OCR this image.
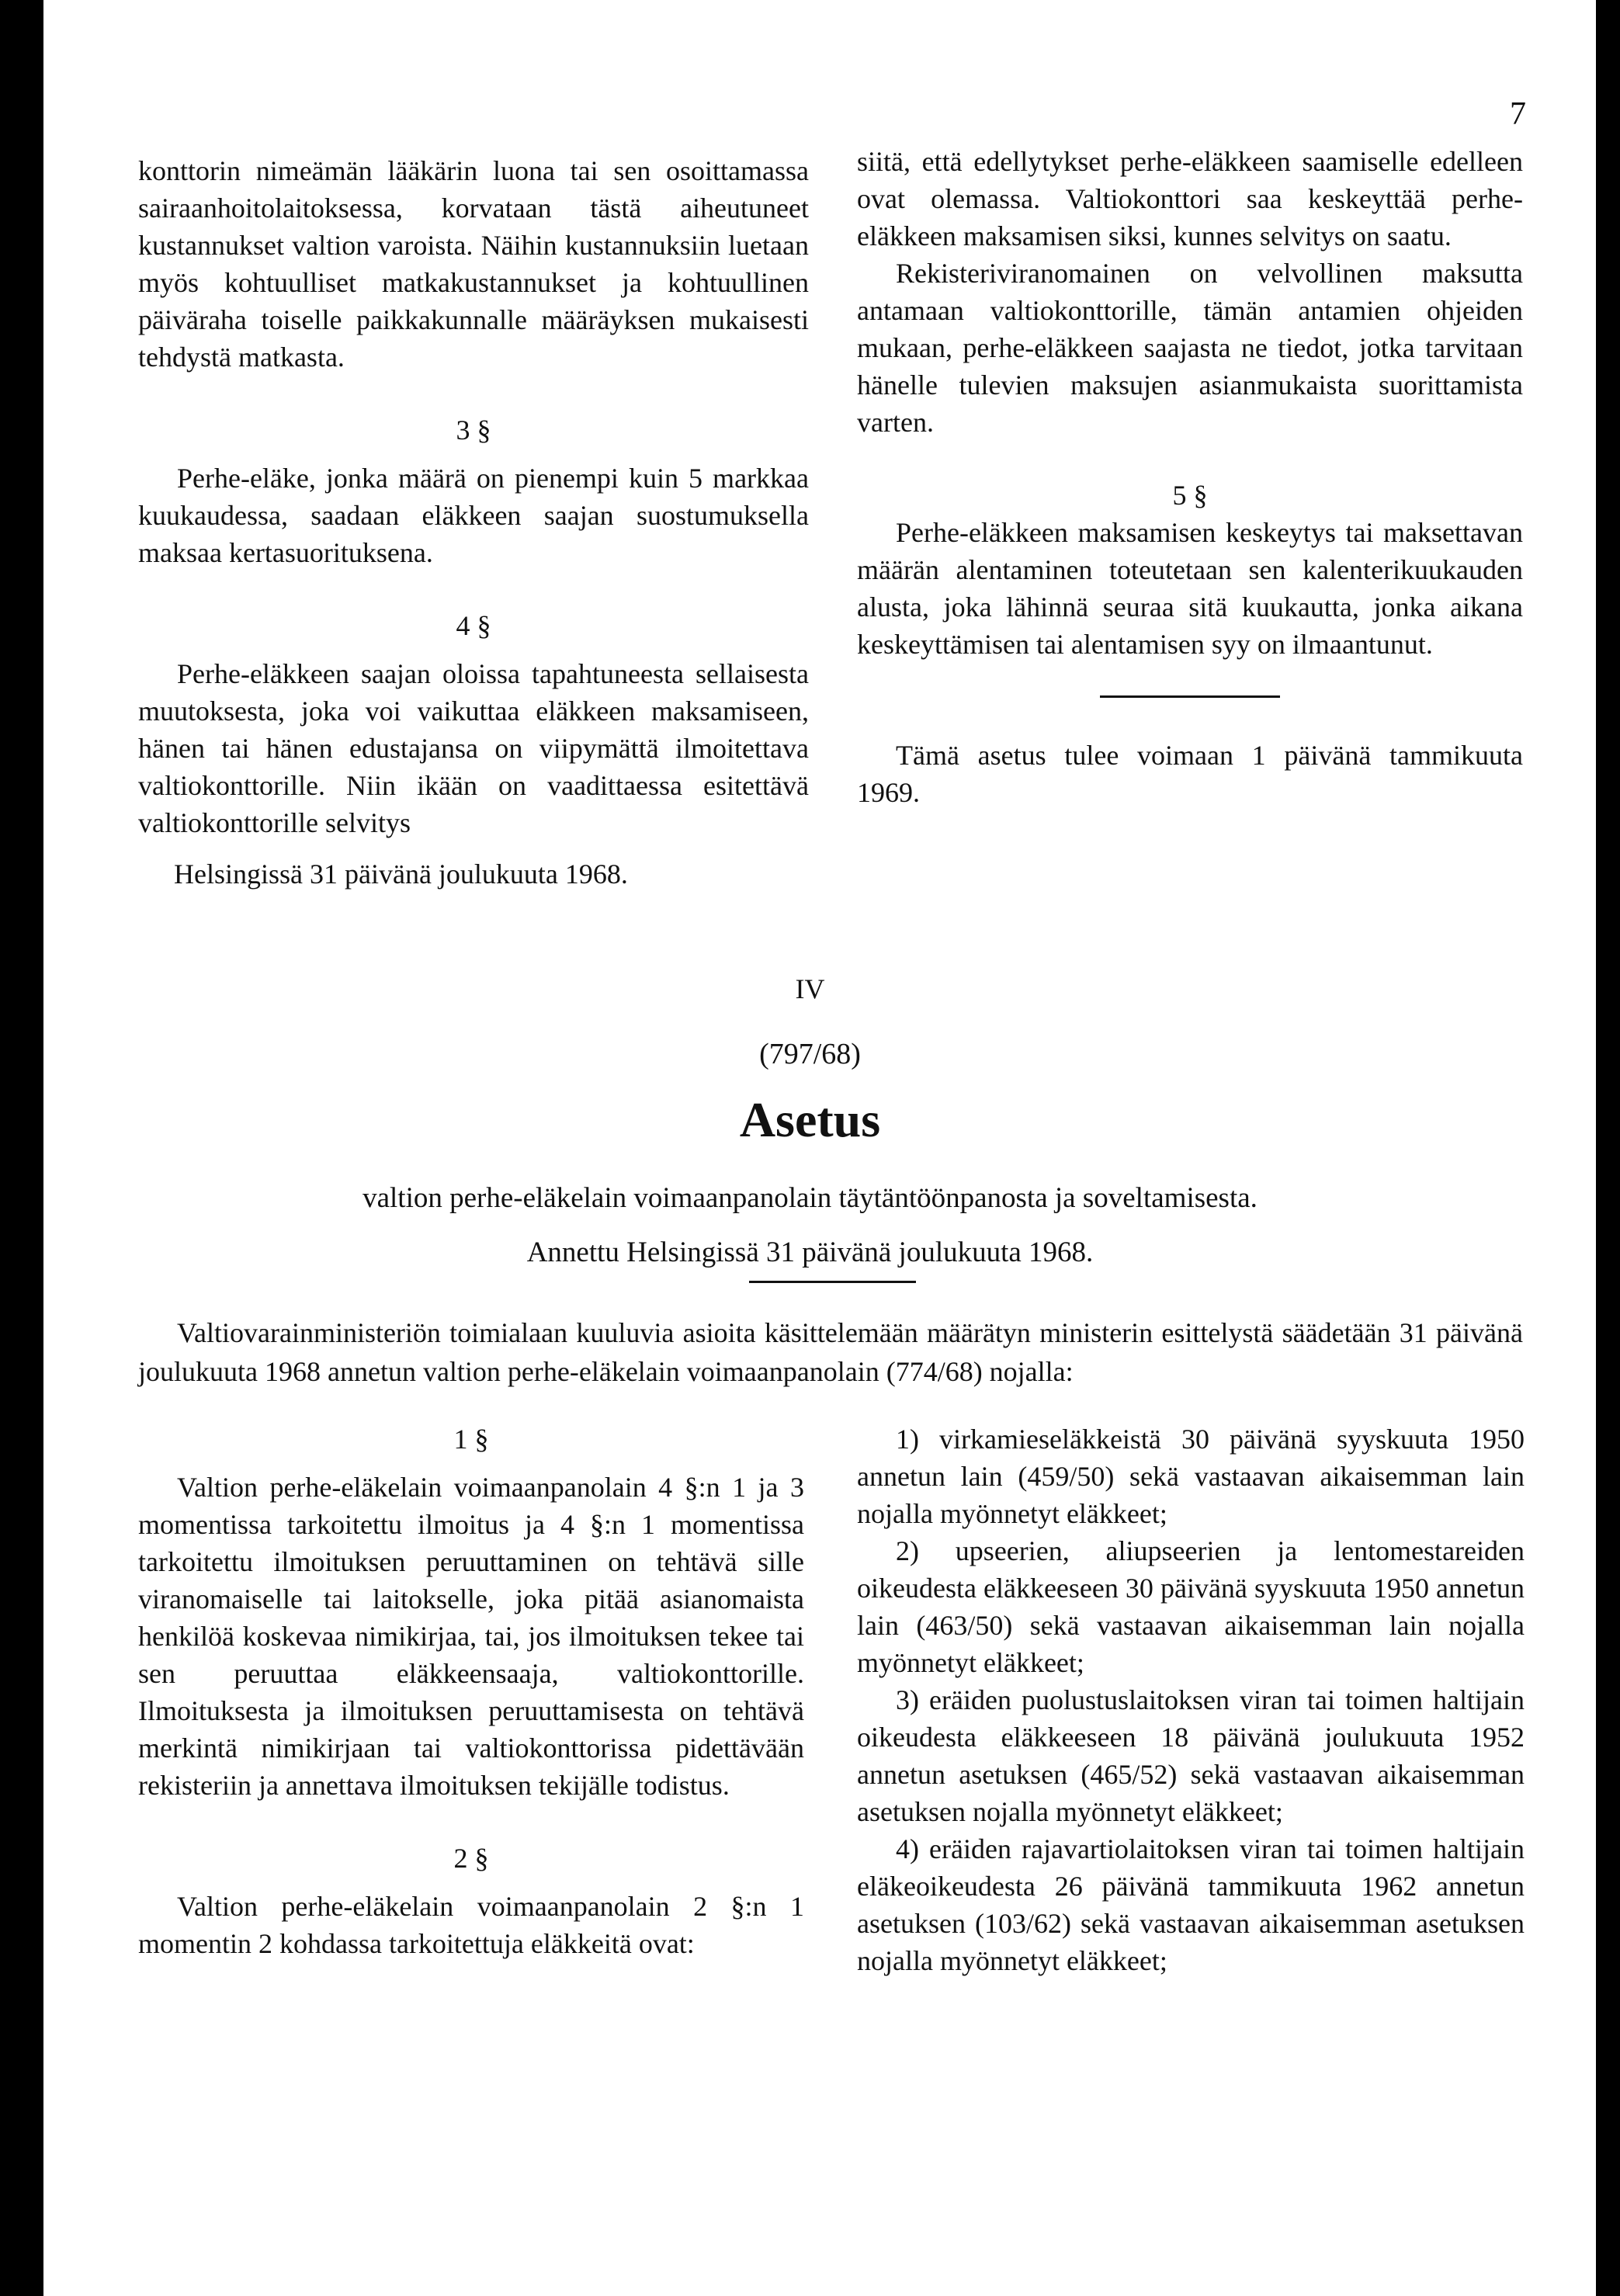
7

konttorin nimeämän lääkärin luona tai sen osoittamassa sairaanhoitolaitoksessa, korvataan tästä aiheutuneet kustannukset valtion varoista. Näihin kustannuksiin luetaan myös kohtuulliset matkakustannukset ja kohtuullinen päiväraha toiselle paikkakunnalle määräyksen mukaisesti tehdystä matkasta.

3 §

Perhe-eläke, jonka määrä on pienempi kuin 5 markkaa kuukaudessa, saadaan eläkkeen saajan suostumuksella maksaa kertasuorituksena.

4 §

Perhe-eläkkeen saajan oloissa tapahtuneesta sellaisesta muutoksesta, joka voi vaikuttaa eläkkeen maksamiseen, hänen tai hänen edustajansa on viipymättä ilmoitettava valtiokonttorille. Niin ikään on vaadittaessa esitettävä valtiokonttorille selvitys

Helsingissä 31 päivänä joulukuuta 1968.

siitä, että edellytykset perhe-eläkkeen saamiselle edelleen ovat olemassa. Valtiokonttori saa keskeyttää perhe-eläkkeen maksamisen siksi, kunnes selvitys on saatu.

Rekisteriviranomainen on velvollinen maksutta antamaan valtiokonttorille, tämän antamien ohjeiden mukaan, perhe-eläkkeen saajasta ne tiedot, jotka tarvitaan hänelle tulevien maksujen asianmukaista suorittamista varten.

5 §

Perhe-eläkkeen maksamisen keskeytys tai maksettavan määrän alentaminen toteutetaan sen kalenterikuukauden alusta, joka lähinnä seuraa sitä kuukautta, jonka aikana keskeyttämisen tai alentamisen syy on ilmaantunut.

Tämä asetus tulee voimaan 1 päivänä tammikuuta 1969.

IV
(797/68)
Asetus
valtion perhe-eläkelain voimaanpanolain täytäntöönpanosta ja soveltamisesta.
Annettu Helsingissä 31 päivänä joulukuuta 1968.

Valtiovarainministeriön toimialaan kuuluvia asioita käsittelemään määrätyn ministerin esittelystä säädetään 31 päivänä joulukuuta 1968 annetun valtion perhe-eläkelain voimaanpanolain (774/68) nojalla:

1 §

Valtion perhe-eläkelain voimaanpanolain 4 §:n 1 ja 3 momentissa tarkoitettu ilmoitus ja 4 §:n 1 momentissa tarkoitettu ilmoituksen peruuttaminen on tehtävä sille viranomaiselle tai laitokselle, joka pitää asianomaista henkilöä koskevaa nimikirjaa, tai, jos ilmoituksen tekee tai sen peruuttaa eläkkeensaaja, valtiokonttorille. Ilmoituksesta ja ilmoituksen peruuttamisesta on tehtävä merkintä nimikirjaan tai valtiokonttorissa pidettävään rekisteriin ja annettava ilmoituksen tekijälle todistus.

2 §

Valtion perhe-eläkelain voimaanpanolain 2 §:n 1 momentin 2 kohdassa tarkoitettuja eläkkeitä ovat:

1) virkamieseläkkeistä 30 päivänä syyskuuta 1950 annetun lain (459/50) sekä vastaavan aikaisemman lain nojalla myönnetyt eläkkeet;

2) upseerien, aliupseerien ja lentomestareiden oikeudesta eläkkeeseen 30 päivänä syyskuuta 1950 annetun lain (463/50) sekä vastaavan aikaisemman lain nojalla myönnetyt eläkkeet;

3) eräiden puolustuslaitoksen viran tai toimen haltijain oikeudesta eläkkeeseen 18 päivänä joulukuuta 1952 annetun asetuksen (465/52) sekä vastaavan aikaisemman asetuksen nojalla myönnetyt eläkkeet;

4) eräiden rajavartiolaitoksen viran tai toimen haltijain eläkeoikeudesta 26 päivänä tammikuuta 1962 annetun asetuksen (103/62) sekä vastaavan aikaisemman asetuksen nojalla myönnetyt eläkkeet;
